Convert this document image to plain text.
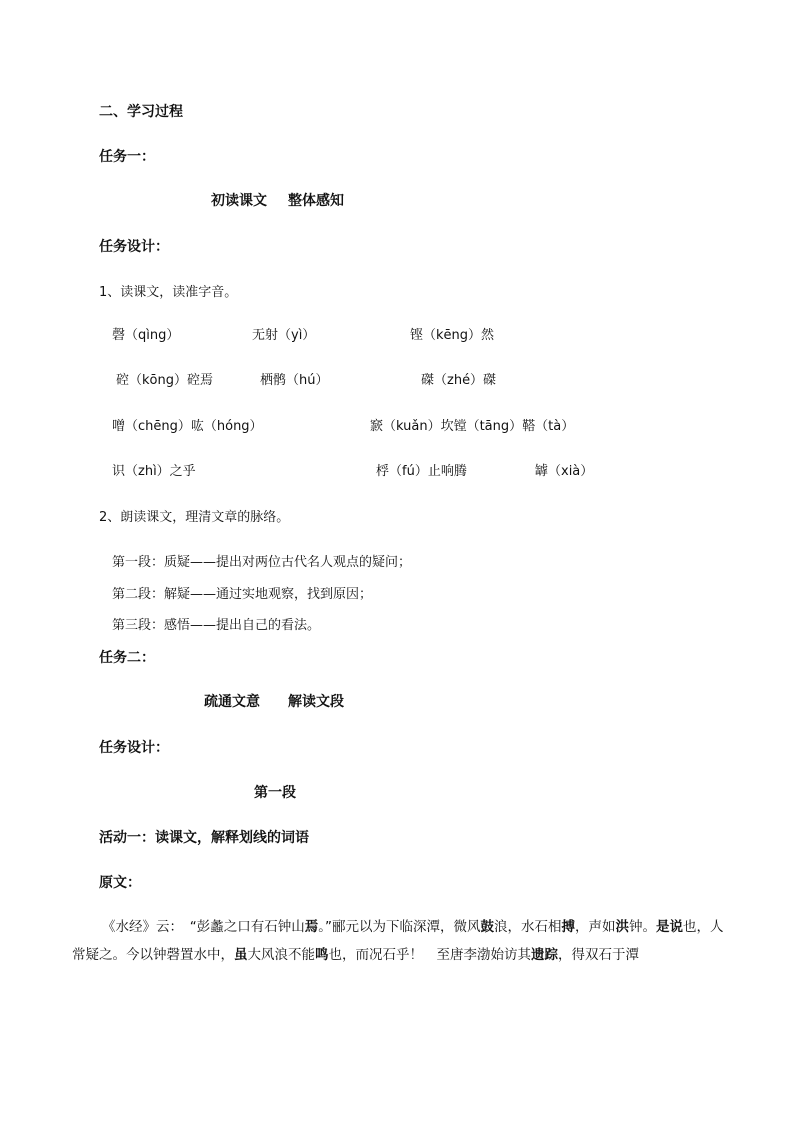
二、学习过程
任务一：
初读课文 整体感知
任务设计：
1、读课文，读准字音。
磬（qìng）	无射（yì）	铿（kēng）然
硿（kōng）硿焉	栖鹘（hú）	磔（zhé）磔
噌（chēng）吰（hóng）	窾（kuǎn）坎镗（tāng）鞳（tà）
识（zhì）之乎	桴（fú）止响腾	罅（xià）
2、朗读课文，理清文章的脉络。
第一段：质疑——提出对两位古代名人观点的疑问；
第二段：解疑——通过实地观察，找到原因；
第三段：感悟——提出自己的看法。
任务二：
疏通文意 解读文段
任务设计：
第一段
活动一：读课文，解释划线的词语
原文：
《水经》云：　“彭蠡之口有石钟山焉。”郦元以为下临深潭，微风鼓浪，水石相搏，声如洪钟。是说也，人常疑之。今以钟磬置水中，虽大风浪不能鸣也，而况石乎！　至唐李渤始访其遗踪，得双石于潭
